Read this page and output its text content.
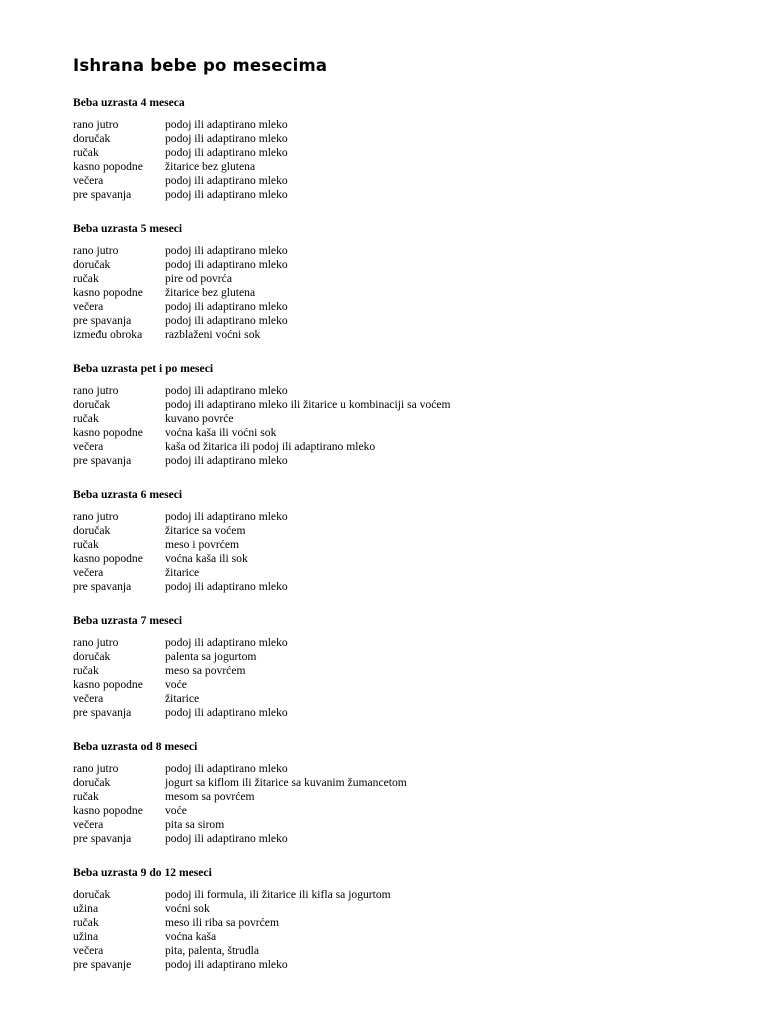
Ishrana bebe po mesecima
Beba uzrasta 4 meseca
rano jutro	podoj ili adaptirano mleko
doručak	podoj ili adaptirano mleko
ručak	podoj ili adaptirano mleko
kasno popodne	žitarice bez glutena
večera	podoj ili adaptirano mleko
pre spavanja	podoj ili adaptirano mleko
Beba uzrasta 5 meseci
rano jutro	podoj ili adaptirano mleko
doručak	podoj ili adaptirano mleko
ručak	pire od povrća
kasno popodne	žitarice bez glutena
večera	podoj ili adaptirano mleko
pre spavanja	podoj ili adaptirano mleko
između obroka	razblaženi voćni sok
Beba uzrasta pet i po meseci
rano jutro	podoj ili adaptirano mleko
doručak	podoj ili adaptirano mleko ili žitarice u kombinaciji sa voćem
ručak	kuvano povrće
kasno popodne	voćna kaša ili voćni sok
večera	kaša od žitarica ili podoj ili adaptirano mleko
pre spavanja	podoj ili adaptirano mleko
Beba uzrasta 6 meseci
rano jutro	podoj ili adaptirano mleko
doručak	žitarice sa voćem
ručak	meso i povrćem
kasno popodne	voćna kaša ili sok
večera	žitarice
pre spavanja	podoj ili adaptirano mleko
Beba uzrasta 7 meseci
rano jutro	podoj ili adaptirano mleko
doručak	palenta sa jogurtom
ručak	meso sa povrćem
kasno popodne	voće
večera	žitarice
pre spavanja	podoj ili adaptirano mleko
Beba uzrasta od 8 meseci
rano jutro	podoj ili adaptirano mleko
doručak	jogurt sa kiflom ili žitarice sa kuvanim žumancetom
ručak	mesom sa povrćem
kasno popodne	voće
večera	pita sa sirom
pre spavanja	podoj ili adaptirano mleko
Beba uzrasta 9 do 12 meseci
doručak	podoj ili formula, ili žitarice ili kifla sa jogurtom
užina	voćni sok
ručak	meso ili riba sa povrćem
užina	voćna kaša
večera	pita, palenta, štrudla
pre spavanje	podoj ili adaptirano mleko
